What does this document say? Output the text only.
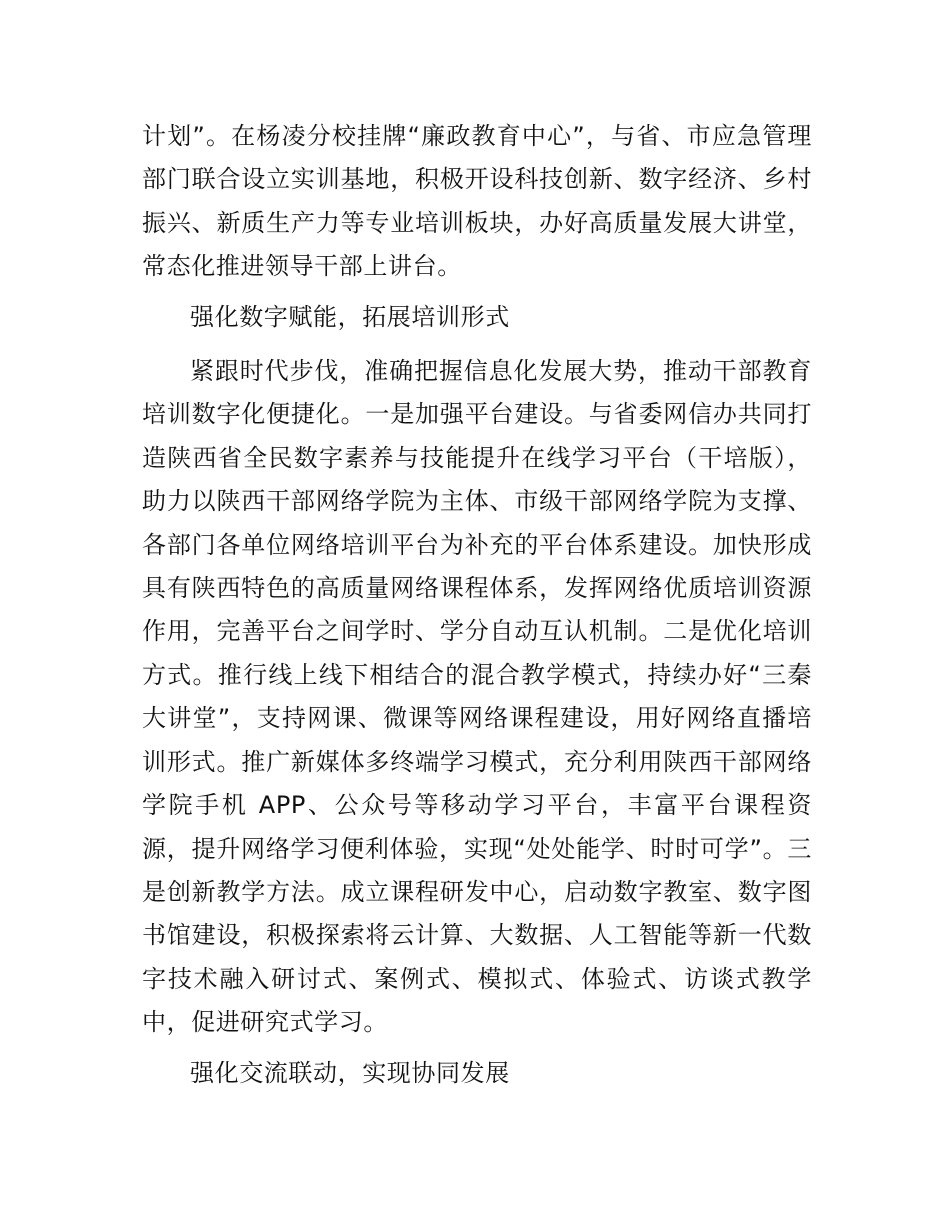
计划”。在杨凌分校挂牌“廉政教育中心”，与省、市应急管理部门联合设立实训基地，积极开设科技创新、数字经济、乡村振兴、新质生产力等专业培训板块，办好高质量发展大讲堂，常态化推进领导干部上讲台。

强化数字赋能，拓展培训形式

紧跟时代步伐，准确把握信息化发展大势，推动干部教育培训数字化便捷化。一是加强平台建设。与省委网信办共同打造陕西省全民数字素养与技能提升在线学习平台（干培版），助力以陕西干部网络学院为主体、市级干部网络学院为支撑、各部门各单位网络培训平台为补充的平台体系建设。加快形成具有陕西特色的高质量网络课程体系，发挥网络优质培训资源作用，完善平台之间学时、学分自动互认机制。二是优化培训方式。推行线上线下相结合的混合教学模式，持续办好“三秦大讲堂”，支持网课、微课等网络课程建设，用好网络直播培训形式。推广新媒体多终端学习模式，充分利用陕西干部网络学院手机 APP、公众号等移动学习平台，丰富平台课程资源，提升网络学习便利体验，实现“处处能学、时时可学”。三是创新教学方法。成立课程研发中心，启动数字教室、数字图书馆建设，积极探索将云计算、大数据、人工智能等新一代数字技术融入研讨式、案例式、模拟式、体验式、访谈式教学中，促进研究式学习。

强化交流联动，实现协同发展
